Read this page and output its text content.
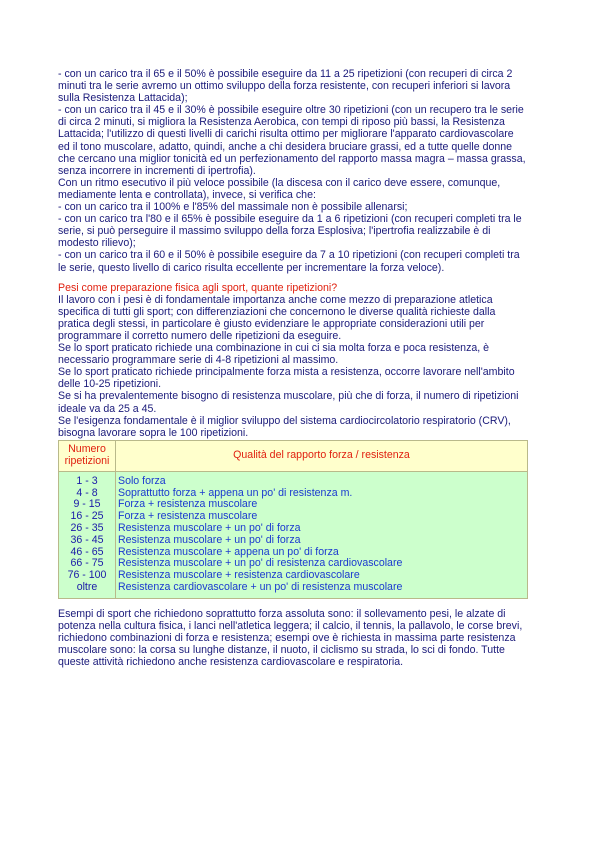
- con un carico tra il 65 e il 50% è possibile eseguire da 11 a 25 ripetizioni (con recuperi di circa 2 minuti tra le serie avremo un ottimo sviluppo della forza resistente, con recuperi inferiori si lavora sulla Resistenza Lattacida);

- con un carico tra il 45 e il 30% è possibile eseguire oltre 30 ripetizioni (con un recupero tra le serie di circa 2 minuti, si migliora la Resistenza Aerobica, con tempi di riposo più bassi, la Resistenza Lattacida; l'utilizzo di questi livelli di carichi risulta ottimo per migliorare l'apparato cardiovascolare ed il tono muscolare, adatto, quindi, anche a chi desidera bruciare grassi, ed a tutte quelle donne che cercano una miglior tonicità ed un perfezionamento del rapporto massa magra – massa grassa, senza incorrere in incrementi di ipertrofia).

Con un ritmo esecutivo il più veloce possibile (la discesa con il carico deve essere, comunque, mediamente lenta e controllata), invece, si verifica che:

- con un carico tra il 100% e l'85% del massimale non è possibile allenarsi;

- con un carico tra l'80 e il 65% è possibile eseguire da 1 a 6 ripetizioni (con recuperi completi tra le serie, si può perseguire il massimo sviluppo della forza Esplosiva; l'ipertrofia realizzabile è di modesto rilievo);

- con un carico tra il 60 e il 50% è possibile eseguire da 7 a 10 ripetizioni (con recuperi completi tra le serie, questo livello di carico risulta eccellente per incrementare la forza veloce).

Pesi come preparazione fisica agli sport, quante ripetizioni?

Il lavoro con i pesi è di fondamentale importanza anche come mezzo di preparazione atletica specifica di tutti gli sport; con differenziazioni che concernono le diverse qualità richieste dalla pratica degli stessi, in particolare è giusto evidenziare le appropriate considerazioni utili per programmare il corretto numero delle ripetizioni da eseguire.

Se lo sport praticato richiede una combinazione in cui ci sia molta forza e poca resistenza, è necessario programmare serie di 4-8 ripetizioni al massimo.

Se lo sport praticato richiede principalmente forza mista a resistenza, occorre lavorare nell'ambito delle 10-25 ripetizioni.

Se si ha prevalentemente bisogno di resistenza muscolare, più che di forza, il numero di ripetizioni ideale va da 25 a 45.

Se l'esigenza fondamentale è il miglior sviluppo del sistema cardiocircolatorio respiratorio (CRV), bisogna lavorare sopra le 100 ripetizioni.

Numero ripetizioni	Qualità del rapporto forza / resistenza
1 - 3	Solo forza
4 - 8	Soprattutto forza + appena un po' di resistenza m.
9 - 15	Forza + resistenza muscolare
16 - 25	Forza + resistenza muscolare
26 - 35	Resistenza muscolare + un po' di forza
36 - 45	Resistenza muscolare + un po' di forza
46 - 65	Resistenza muscolare + appena un po' di forza
66 - 75	Resistenza muscolare + un po' di resistenza cardiovascolare
76 - 100	Resistenza muscolare + resistenza cardiovascolare
oltre	Resistenza cardiovascolare + un po' di resistenza muscolare

Esempi di sport che richiedono soprattutto forza assoluta sono: il sollevamento pesi, le alzate di potenza nella cultura fisica, i lanci nell'atletica leggera; il calcio, il tennis, la pallavolo, le corse brevi, richiedono combinazioni di forza e resistenza; esempi ove è richiesta in massima parte resistenza muscolare sono: la corsa su lunghe distanze, il nuoto, il ciclismo su strada, lo sci di fondo. Tutte queste attività richiedono anche resistenza cardiovascolare e respiratoria.
